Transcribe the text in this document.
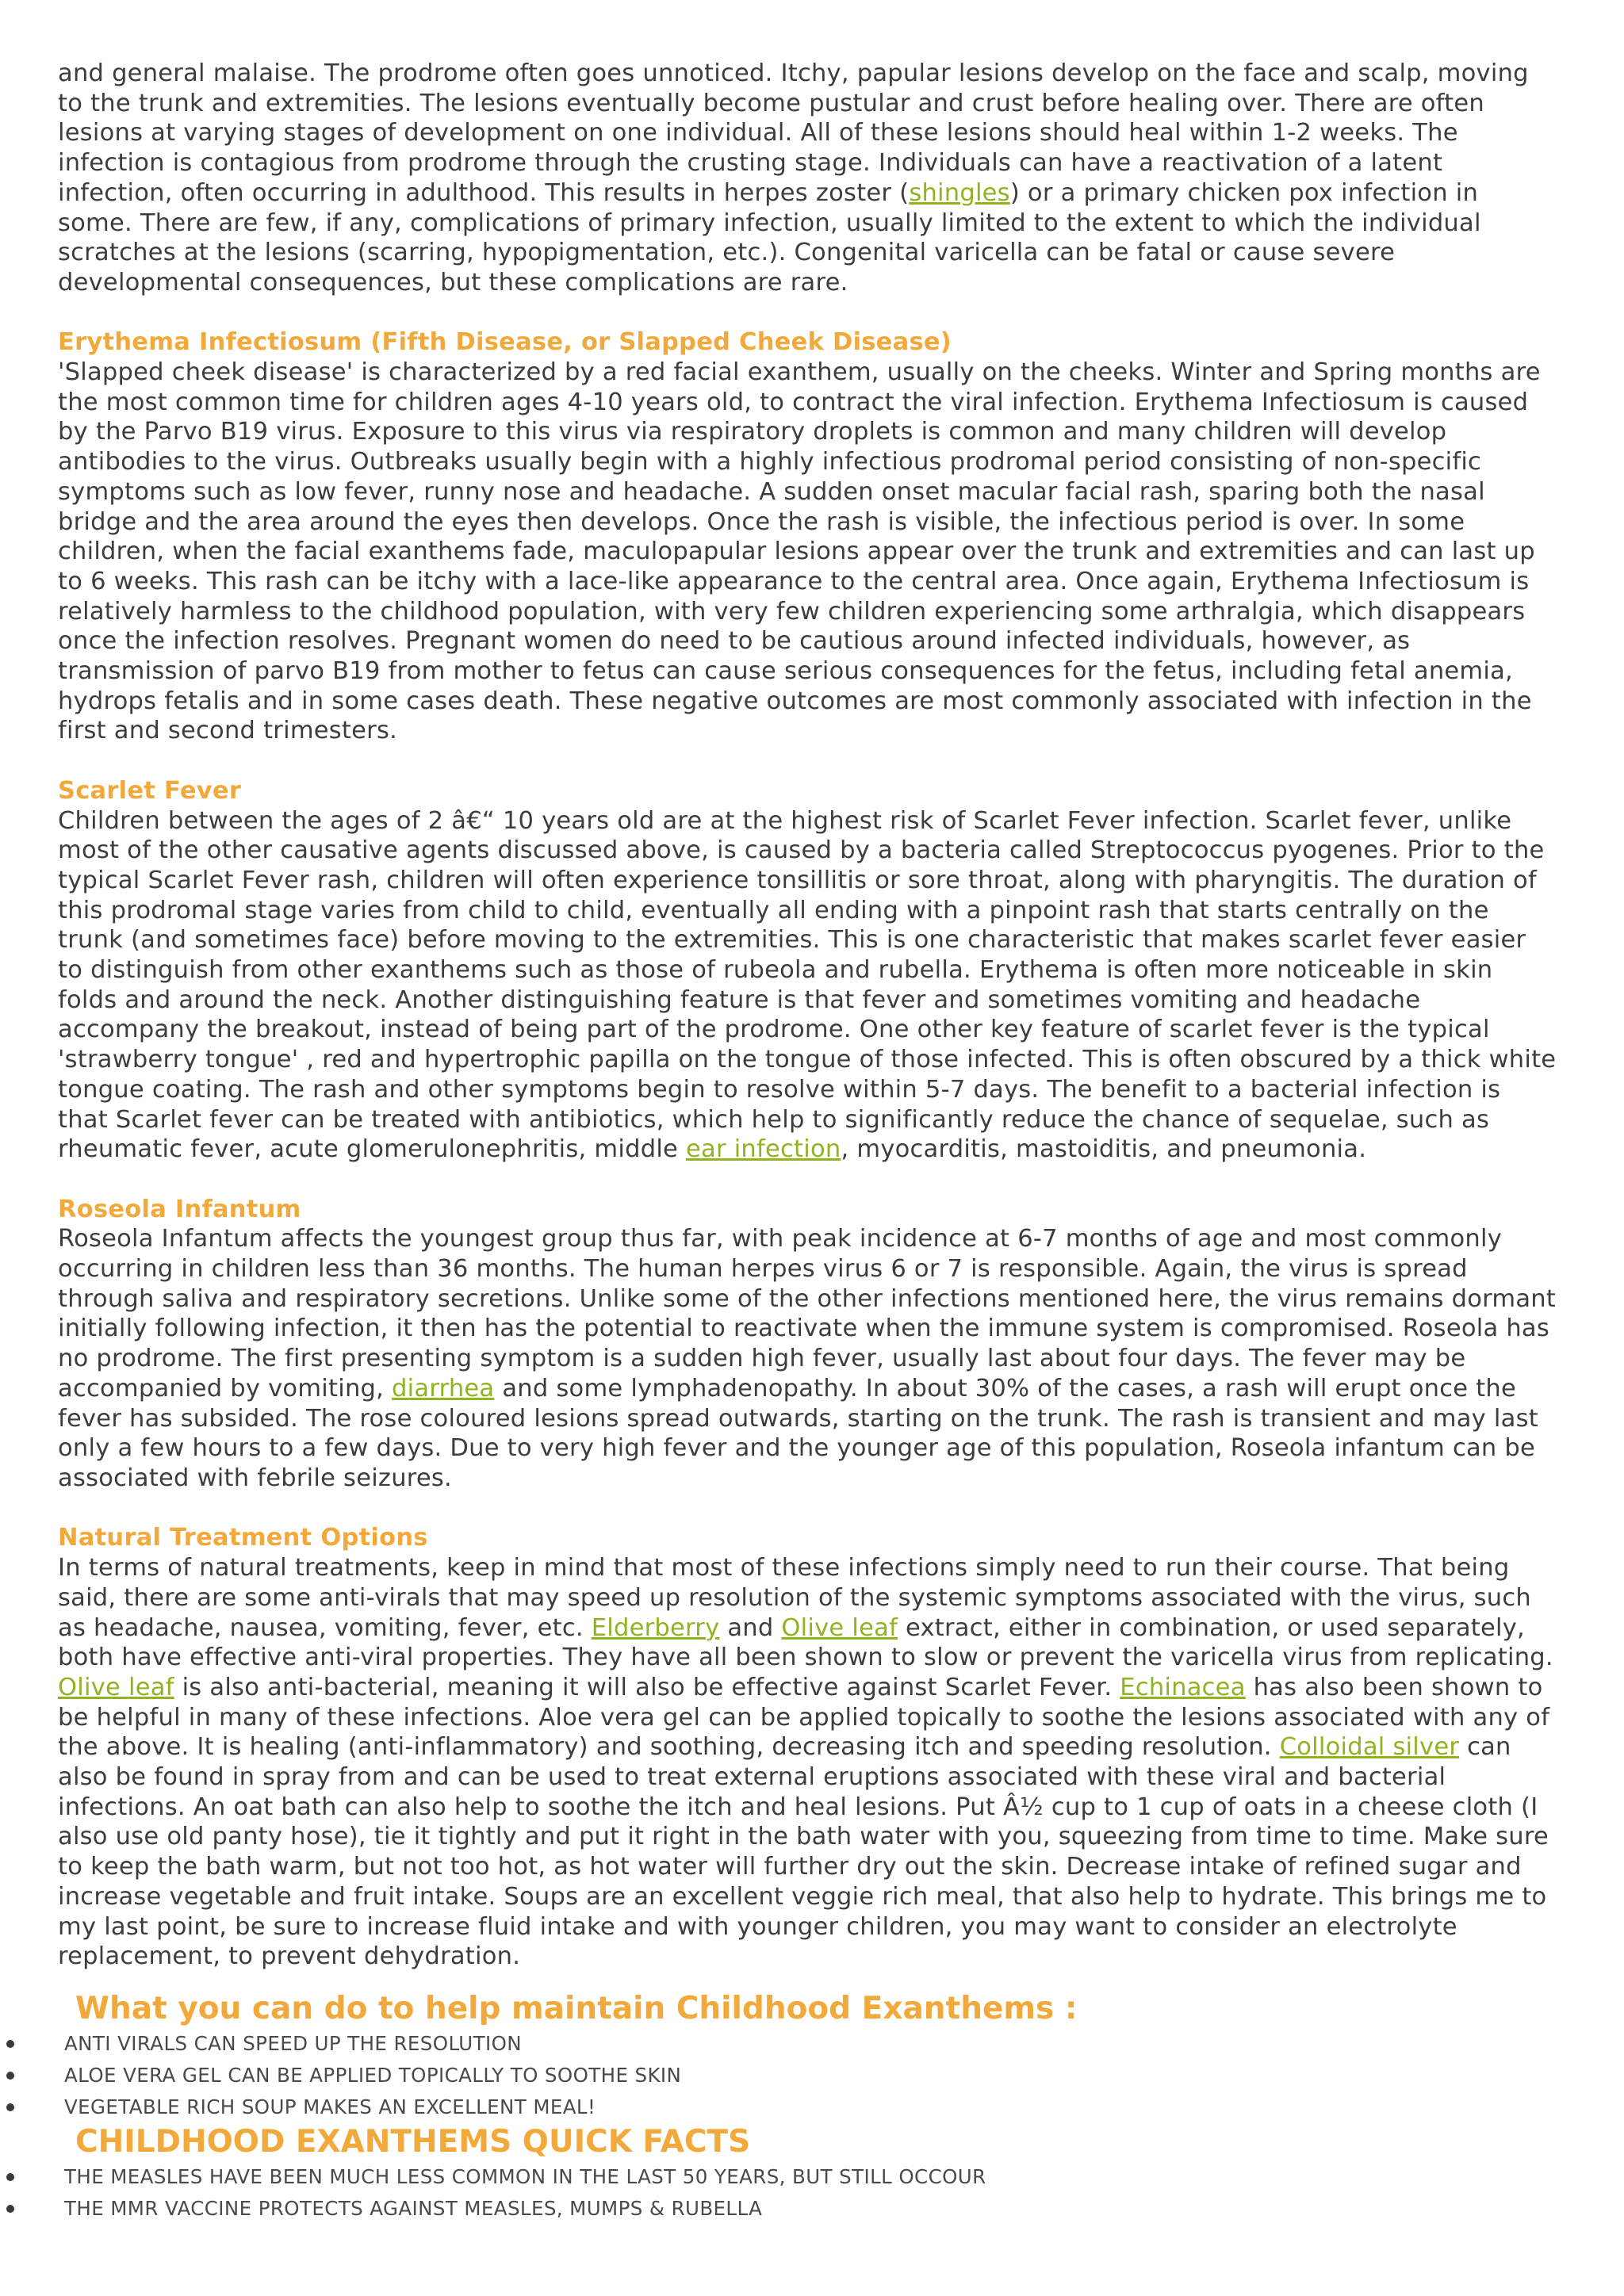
and general malaise. The prodrome often goes unnoticed. Itchy, papular lesions develop on the face and scalp, moving to the trunk and extremities. The lesions eventually become pustular and crust before healing over. There are often lesions at varying stages of development on one individual. All of these lesions should heal within 1-2 weeks. The infection is contagious from prodrome through the crusting stage. Individuals can have a reactivation of a latent infection, often occurring in adulthood. This results in herpes zoster (shingles) or a primary chicken pox infection in some. There are few, if any, complications of primary infection, usually limited to the extent to which the individual scratches at the lesions (scarring, hypopigmentation, etc.). Congenital varicella can be fatal or cause severe developmental consequences, but these complications are rare.

Erythema Infectiosum (Fifth Disease, or Slapped Cheek Disease)

'Slapped cheek disease' is characterized by a red facial exanthem, usually on the cheeks. Winter and Spring months are the most common time for children ages 4-10 years old, to contract the viral infection. Erythema Infectiosum is caused by the Parvo B19 virus. Exposure to this virus via respiratory droplets is common and many children will develop antibodies to the virus. Outbreaks usually begin with a highly infectious prodromal period consisting of non-specific symptoms such as low fever, runny nose and headache. A sudden onset macular facial rash, sparing both the nasal bridge and the area around the eyes then develops. Once the rash is visible, the infectious period is over. In some children, when the facial exanthems fade, maculopapular lesions appear over the trunk and extremities and can last up to 6 weeks. This rash can be itchy with a lace-like appearance to the central area. Once again, Erythema Infectiosum is relatively harmless to the childhood population, with very few children experiencing some arthralgia, which disappears once the infection resolves. Pregnant women do need to be cautious around infected individuals, however, as transmission of parvo B19 from mother to fetus can cause serious consequences for the fetus, including fetal anemia, hydrops fetalis and in some cases death. These negative outcomes are most commonly associated with infection in the first and second trimesters.

Scarlet Fever

Children between the ages of 2 â€“ 10 years old are at the highest risk of Scarlet Fever infection. Scarlet fever, unlike most of the other causative agents discussed above, is caused by a bacteria called Streptococcus pyogenes. Prior to the typical Scarlet Fever rash, children will often experience tonsillitis or sore throat, along with pharyngitis. The duration of this prodromal stage varies from child to child, eventually all ending with a pinpoint rash that starts centrally on the trunk (and sometimes face) before moving to the extremities. This is one characteristic that makes scarlet fever easier to distinguish from other exanthems such as those of rubeola and rubella. Erythema is often more noticeable in skin folds and around the neck. Another distinguishing feature is that fever and sometimes vomiting and headache accompany the breakout, instead of being part of the prodrome. One other key feature of scarlet fever is the typical 'strawberry tongue' , red and hypertrophic papilla on the tongue of those infected. This is often obscured by a thick white tongue coating. The rash and other symptoms begin to resolve within 5-7 days. The benefit to a bacterial infection is that Scarlet fever can be treated with antibiotics, which help to significantly reduce the chance of sequelae, such as rheumatic fever, acute glomerulonephritis, middle ear infection, myocarditis, mastoiditis, and pneumonia.

Roseola Infantum

Roseola Infantum affects the youngest group thus far, with peak incidence at 6-7 months of age and most commonly occurring in children less than 36 months. The human herpes virus 6 or 7 is responsible. Again, the virus is spread through saliva and respiratory secretions. Unlike some of the other infections mentioned here, the virus remains dormant initially following infection, it then has the potential to reactivate when the immune system is compromised. Roseola has no prodrome. The first presenting symptom is a sudden high fever, usually last about four days. The fever may be accompanied by vomiting, diarrhea and some lymphadenopathy. In about 30% of the cases, a rash will erupt once the fever has subsided. The rose coloured lesions spread outwards, starting on the trunk. The rash is transient and may last only a few hours to a few days. Due to very high fever and the younger age of this population, Roseola infantum can be associated with febrile seizures.

Natural Treatment Options

In terms of natural treatments, keep in mind that most of these infections simply need to run their course. That being said, there are some anti-virals that may speed up resolution of the systemic symptoms associated with the virus, such as headache, nausea, vomiting, fever, etc. Elderberry and Olive leaf extract, either in combination, or used separately, both have effective anti-viral properties. They have all been shown to slow or prevent the varicella virus from replicating. Olive leaf is also anti-bacterial, meaning it will also be effective against Scarlet Fever. Echinacea has also been shown to be helpful in many of these infections. Aloe vera gel can be applied topically to soothe the lesions associated with any of the above. It is healing (anti-inflammatory) and soothing, decreasing itch and speeding resolution. Colloidal silver can also be found in spray from and can be used to treat external eruptions associated with these viral and bacterial infections. An oat bath can also help to soothe the itch and heal lesions. Put Â½ cup to 1 cup of oats in a cheese cloth (I also use old panty hose), tie it tightly and put it right in the bath water with you, squeezing from time to time. Make sure to keep the bath warm, but not too hot, as hot water will further dry out the skin. Decrease intake of refined sugar and increase vegetable and fruit intake. Soups are an excellent veggie rich meal, that also help to hydrate. This brings me to my last point, be sure to increase fluid intake and with younger children, you may want to consider an electrolyte replacement, to prevent dehydration.

What you can do to help maintain Childhood Exanthems :
ANTI VIRALS CAN SPEED UP THE RESOLUTION
ALOE VERA GEL CAN BE APPLIED TOPICALLY TO SOOTHE SKIN
VEGETABLE RICH SOUP MAKES AN EXCELLENT MEAL!
CHILDHOOD EXANTHEMS QUICK FACTS
THE MEASLES HAVE BEEN MUCH LESS COMMON IN THE LAST 50 YEARS, BUT STILL OCCOUR
THE MMR VACCINE PROTECTS AGAINST MEASLES, MUMPS & RUBELLA
